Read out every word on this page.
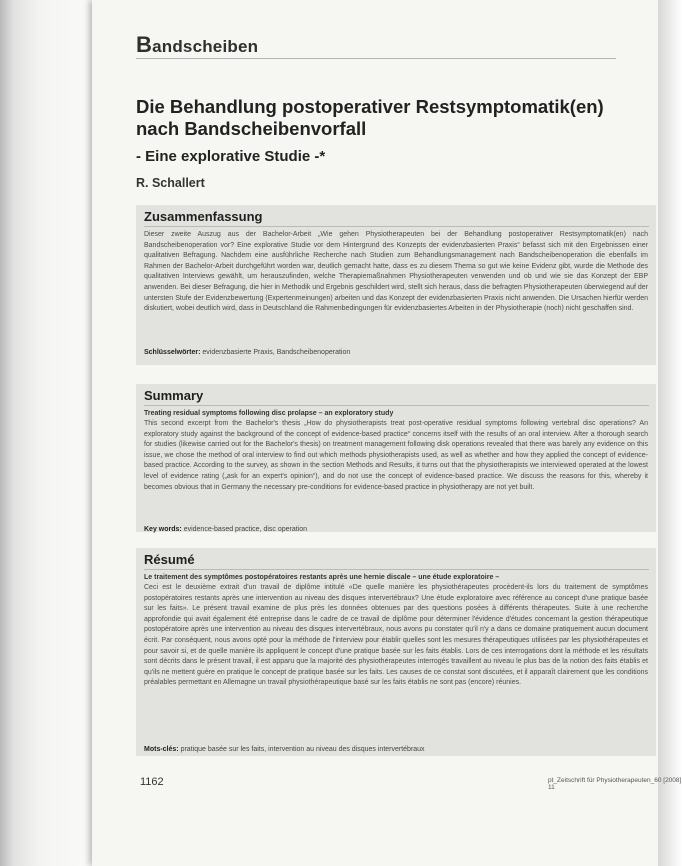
Bandscheiben
Die Behandlung postoperativer Restsymptomatik(en) nach Bandscheibenvorfall
- Eine explorative Studie -*
R. Schallert
Zusammenfassung
Dieser zweite Auszug aus der Bachelor-Arbeit „Wie gehen Physiotherapeuten bei der Behandlung postoperativer Restsymptomatik(en) nach Bandscheibenoperation vor? Eine explorative Studie vor dem Hintergrund des Konzepts der evidenzbasierten Praxis“ befasst sich mit den Ergebnissen einer qualitativen Befragung. Nachdem eine ausführliche Recherche nach Studien zum Behandlungsmanagement nach Bandscheibenoperation die ebenfalls im Rahmen der Bachelor-Arbeit durchgeführt worden war, deutlich gemacht hatte, dass es zu diesem Thema so gut wie keine Evidenz gibt, wurde die Methode des qualitativen Interviews gewählt, um herauszufinden, welche Therapiemaßnahmen Physiotherapeuten verwenden und ob und wie sie das Konzept der EBP anwenden. Bei dieser Befragung, die hier in Methodik und Ergebnis geschildert wird, stellt sich heraus, dass die befragten Physiotherapeuten überwiegend auf der untersten Stufe der Evidenzbewertung (Expertenmeinungen) arbeiten und das Konzept der evidenzbasierten Praxis nicht anwenden. Die Ursachen hierfür werden diskutiert, wobei deutlich wird, dass in Deutschland die Rahmenbedingungen für evidenzbasiertes Arbeiten in der Physiotherapie (noch) nicht geschaffen sind.
Schlüsselwörter: evidenzbasierte Praxis, Bandscheibenoperation
Summary
Treating residual symptoms following disc prolapse – an exploratory study
This second excerpt from the Bachelor's thesis „How do physiotherapists treat post-operative residual symptoms following vertebral disc operations? An exploratory study against the background of the concept of evidence-based practice“ concerns itself with the results of an oral interview. After a thorough search for studies (likewise carried out for the Bachelor's thesis) on treatment management following disk operations revealed that there was barely any evidence on this issue, we chose the method of oral interview to find out which methods physiotherapists used, as well as whether and how they applied the concept of evidence-based practice. According to the survey, as shown in the section Methods and Results, it turns out that the physiotherapists we interviewed operated at the lowest level of evidence rating („ask for an expert's opinion“), and do not use the concept of evidence-based practice. We discuss the reasons for this, whereby it becomes obvious that in Germany the necessary pre-conditions for evidence-based practice in physiotherapy are not yet built.
Key words: evidence-based practice, disc operation
Résumé
Le traitement des symptômes postopératoires restants après une hernie discale – une étude exploratoire –
Ceci est le deuxième extrait d'un travail de diplôme intitulé «De quelle manière les physiothérapeutes procèdent-ils lors du traitement de symptômes postopératoires restants après une intervention au niveau des disques intervertébraux? Une étude exploratoire avec référence au concept d'une pratique basée sur les faits». Le présent travail examine de plus près les données obtenues par des questions posées à différents thérapeutes. Suite à une recherche approfondie qui avait également été entreprise dans le cadre de ce travail de diplôme pour déterminer l'évidence d'études concernant la gestion thérapeutique postopératoire après une intervention au niveau des disques intervertébraux, nous avons pu constater qu'il n'y a dans ce domaine pratiquement aucun document écrit. Par conséquent, nous avons opté pour la méthode de l'interview pour établir quelles sont les mesures thérapeutiques utilisées par les physiothérapeutes et pour savoir si, et de quelle manière ils appliquent le concept d'une pratique basée sur les faits établis. Lors de ces interrogations dont la méthode et les résultats sont décrits dans le présent travail, il est apparu que la majorité des physiothérapeutes interrogés travaillent au niveau le plus bas de la notion des faits établis et qu'ils ne mettent guère en pratique le concept de pratique basée sur les faits. Les causes de ce constat sont discutées, et il apparaît clairement que les conditions préalables permettant en Allemagne un travail physiothérapeutique basé sur les faits établis ne sont pas (encore) réunies.
Mots-clés: pratique basée sur les faits, intervention au niveau des disques intervertébraux
1162	pt_Zeitschrift für Physiotherapeuten_60 [2008] 11
